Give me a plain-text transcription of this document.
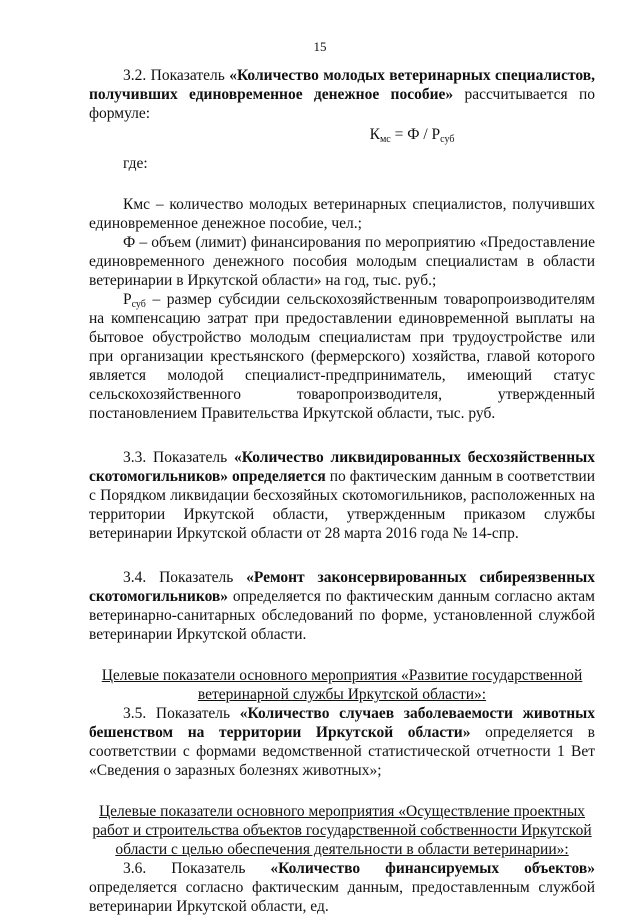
15

3.2. Показатель «Количество молодых ветеринарных специалистов, получивших единовременное денежное пособие» рассчитывается по формуле:

$К_{мс} = Ф / Р_{суб}$

где:

Кмс – количество молодых ветеринарных специалистов, получивших единовременное денежное пособие, чел.;

Ф – объем (лимит) финансирования по мероприятию «Предоставление единовременного денежного пособия молодым специалистам в области ветеринарии в Иркутской области» на год, тыс. руб.;

$Р_{суб}$ – размер субсидии сельскохозяйственным товаропроизводителям на компенсацию затрат при предоставлении единовременной выплаты на бытовое обустройство молодым специалистам при трудоустройстве или при организации крестьянского (фермерского) хозяйства, главой которого является молодой специалист-предприниматель, имеющий статус сельскохозяйственного товаропроизводителя, утвержденный постановлением Правительства Иркутской области, тыс. руб.

3.3. Показатель «Количество ликвидированных бесхозяйственных скотомогильников» определяется по фактическим данным в соответствии с Порядком ликвидации бесхозяйных скотомогильников, расположенных на территории Иркутской области, утвержденным приказом службы ветеринарии Иркутской области от 28 марта 2016 года № 14-спр.

3.4. Показатель «Ремонт законсервированных сибиреязвенных скотомогильников» определяется по фактическим данным согласно актам ветеринарно-санитарных обследований по форме, установленной службой ветеринарии Иркутской области.

Целевые показатели основного мероприятия «Развитие государственной ветеринарной службы Иркутской области»:

3.5. Показатель «Количество случаев заболеваемости животных бешенством на территории Иркутской области» определяется в соответствии с формами ведомственной статистической отчетности 1 Вет «Сведения о заразных болезнях животных»;

Целевые показатели основного мероприятия «Осуществление проектных работ и строительства объектов государственной собственности Иркутской области с целью обеспечения деятельности в области ветеринарии»:

3.6. Показатель «Количество финансируемых объектов» определяется согласно фактическим данным, предоставленным службой ветеринарии Иркутской области, ед.
